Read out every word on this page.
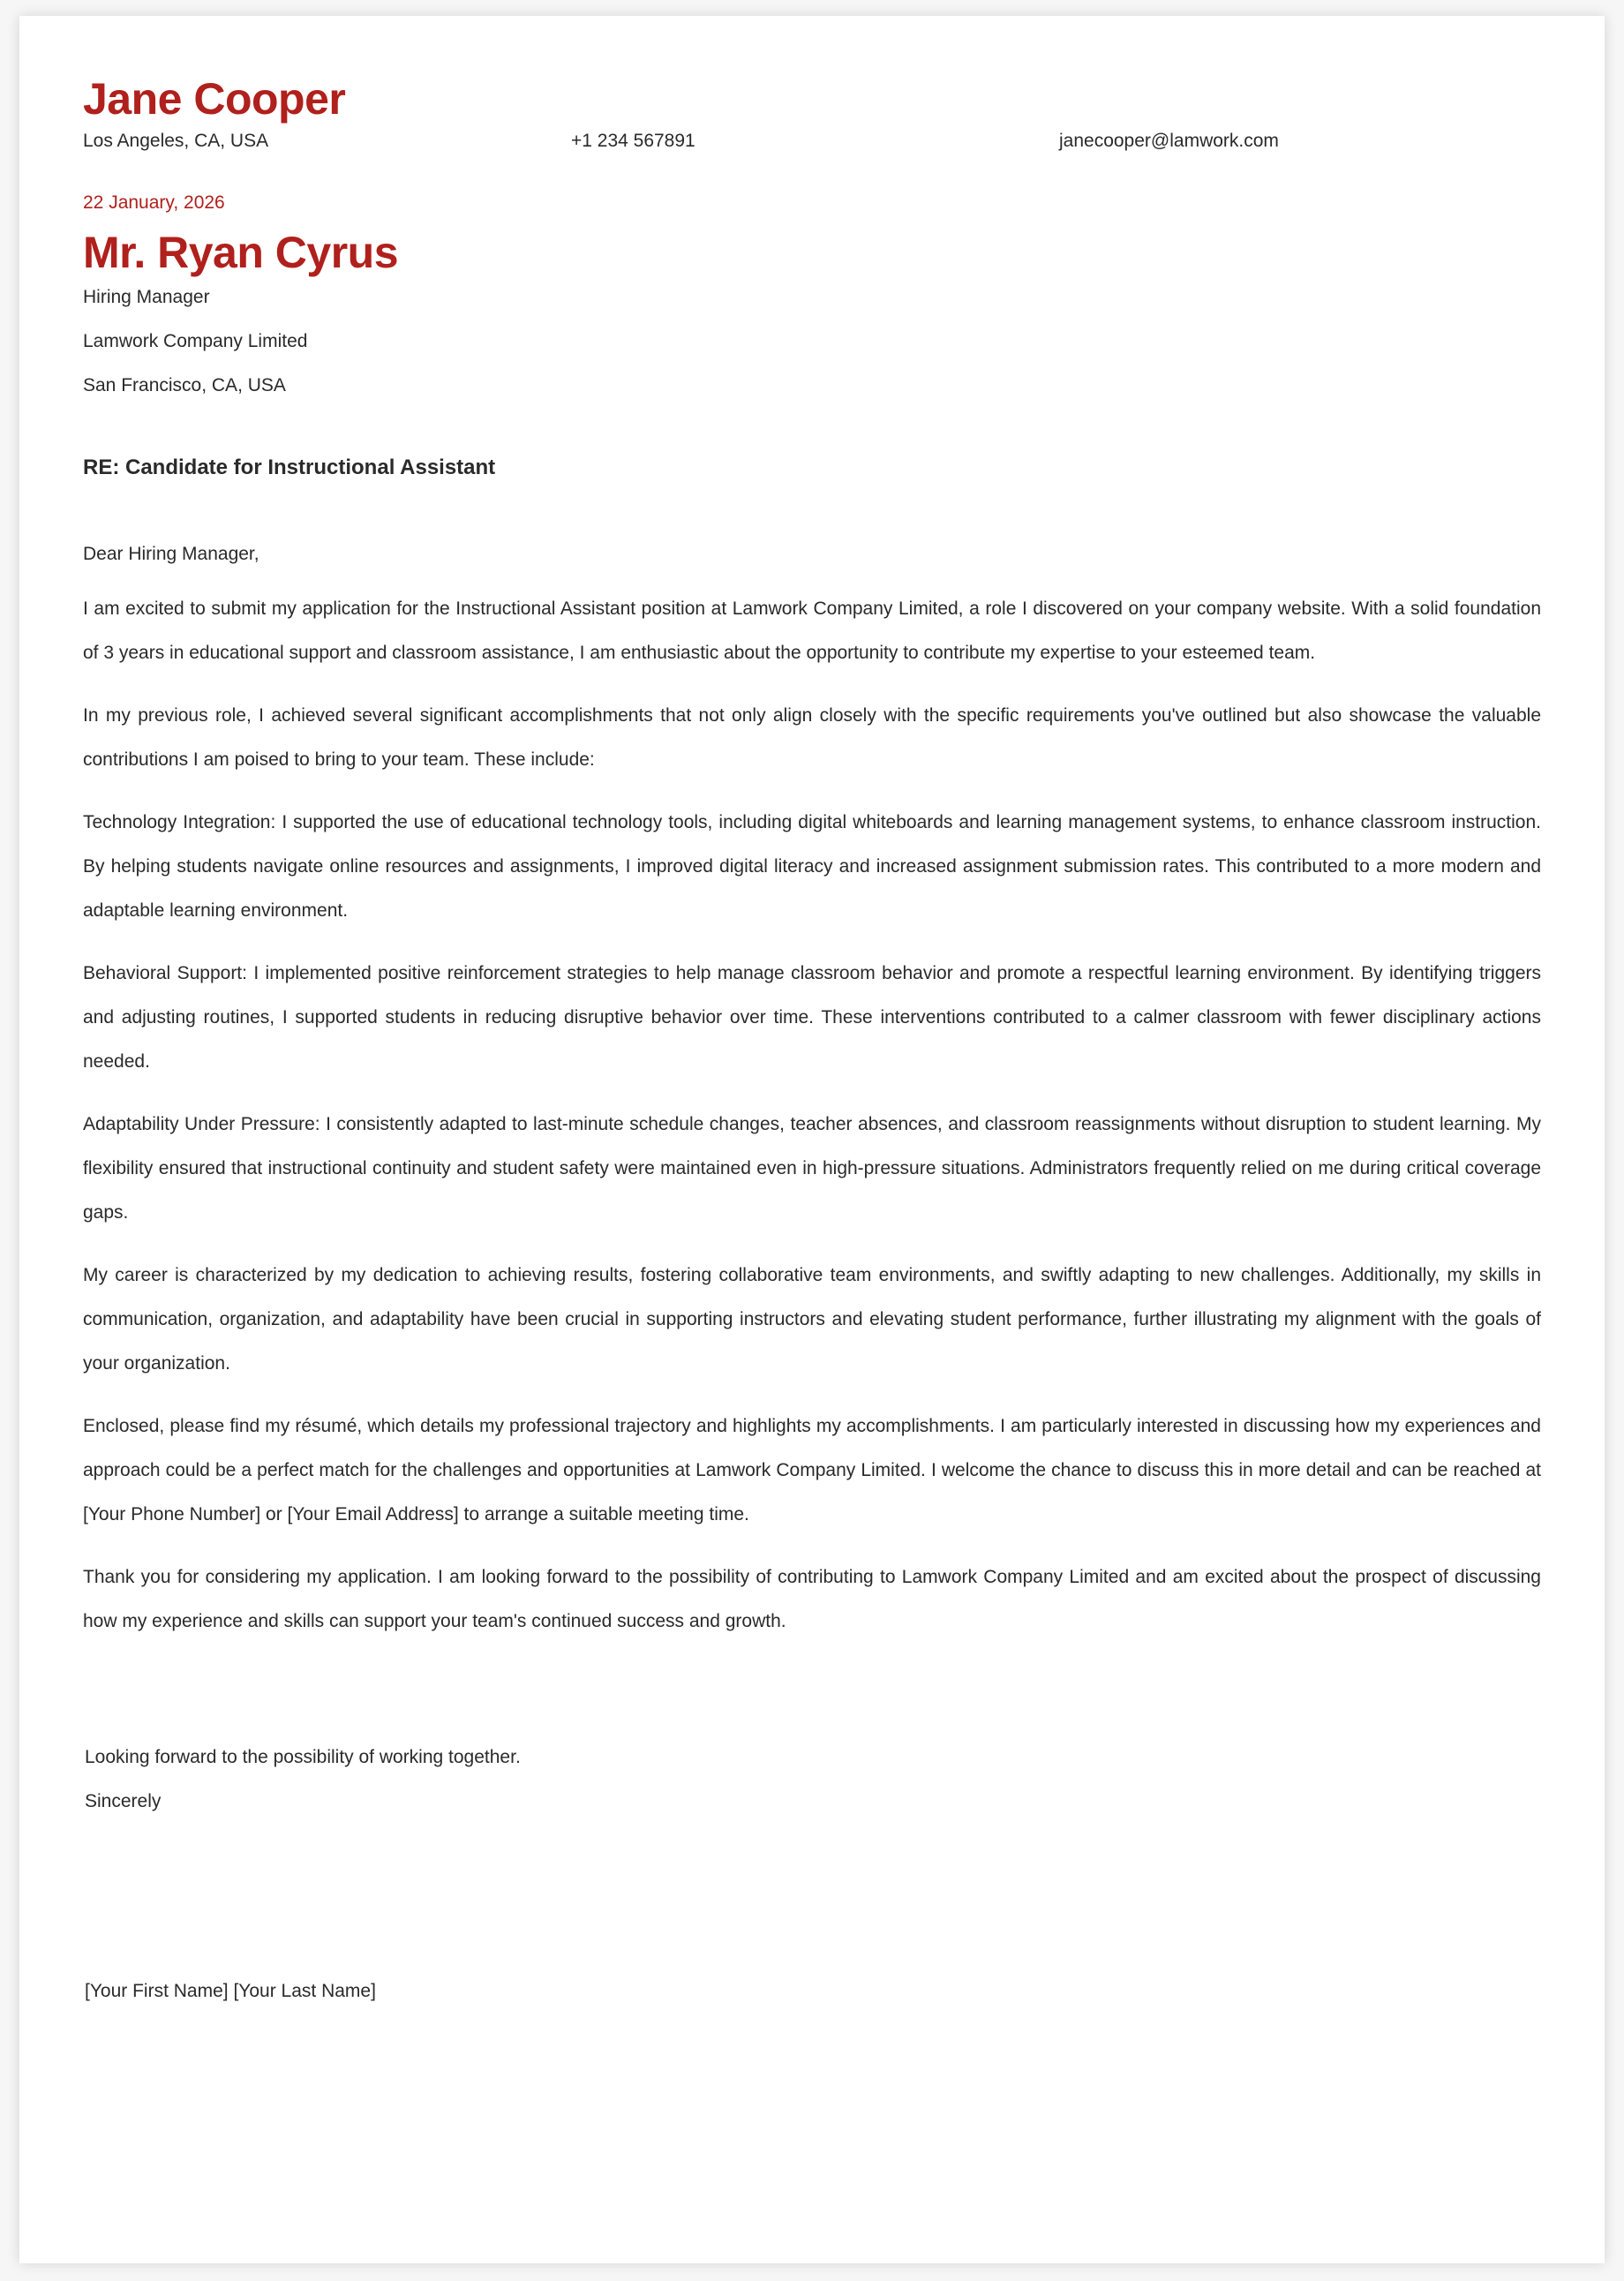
Jane Cooper
Los Angeles, CA, USA	+1 234 567891	janecooper@lamwork.com
22 January, 2026
Mr. Ryan Cyrus
Hiring Manager
Lamwork Company Limited
San Francisco, CA, USA
RE: Candidate for Instructional Assistant
Dear Hiring Manager,
I am excited to submit my application for the Instructional Assistant position at Lamwork Company Limited, a role I discovered on your company website. With a solid foundation of 3 years in educational support and classroom assistance, I am enthusiastic about the opportunity to contribute my expertise to your esteemed team.
In my previous role, I achieved several significant accomplishments that not only align closely with the specific requirements you've outlined but also showcase the valuable contributions I am poised to bring to your team. These include:
Technology Integration: I supported the use of educational technology tools, including digital whiteboards and learning management systems, to enhance classroom instruction. By helping students navigate online resources and assignments, I improved digital literacy and increased assignment submission rates. This contributed to a more modern and adaptable learning environment.
Behavioral Support: I implemented positive reinforcement strategies to help manage classroom behavior and promote a respectful learning environment. By identifying triggers and adjusting routines, I supported students in reducing disruptive behavior over time. These interventions contributed to a calmer classroom with fewer disciplinary actions needed.
Adaptability Under Pressure: I consistently adapted to last-minute schedule changes, teacher absences, and classroom reassignments without disruption to student learning. My flexibility ensured that instructional continuity and student safety were maintained even in high-pressure situations. Administrators frequently relied on me during critical coverage gaps.
My career is characterized by my dedication to achieving results, fostering collaborative team environments, and swiftly adapting to new challenges. Additionally, my skills in communication, organization, and adaptability have been crucial in supporting instructors and elevating student performance, further illustrating my alignment with the goals of your organization.
Enclosed, please find my résumé, which details my professional trajectory and highlights my accomplishments. I am particularly interested in discussing how my experiences and approach could be a perfect match for the challenges and opportunities at Lamwork Company Limited. I welcome the chance to discuss this in more detail and can be reached at [Your Phone Number] or [Your Email Address] to arrange a suitable meeting time.
Thank you for considering my application. I am looking forward to the possibility of contributing to Lamwork Company Limited and am excited about the prospect of discussing how my experience and skills can support your team's continued success and growth.
Looking forward to the possibility of working together.
Sincerely
[Your First Name] [Your Last Name]
